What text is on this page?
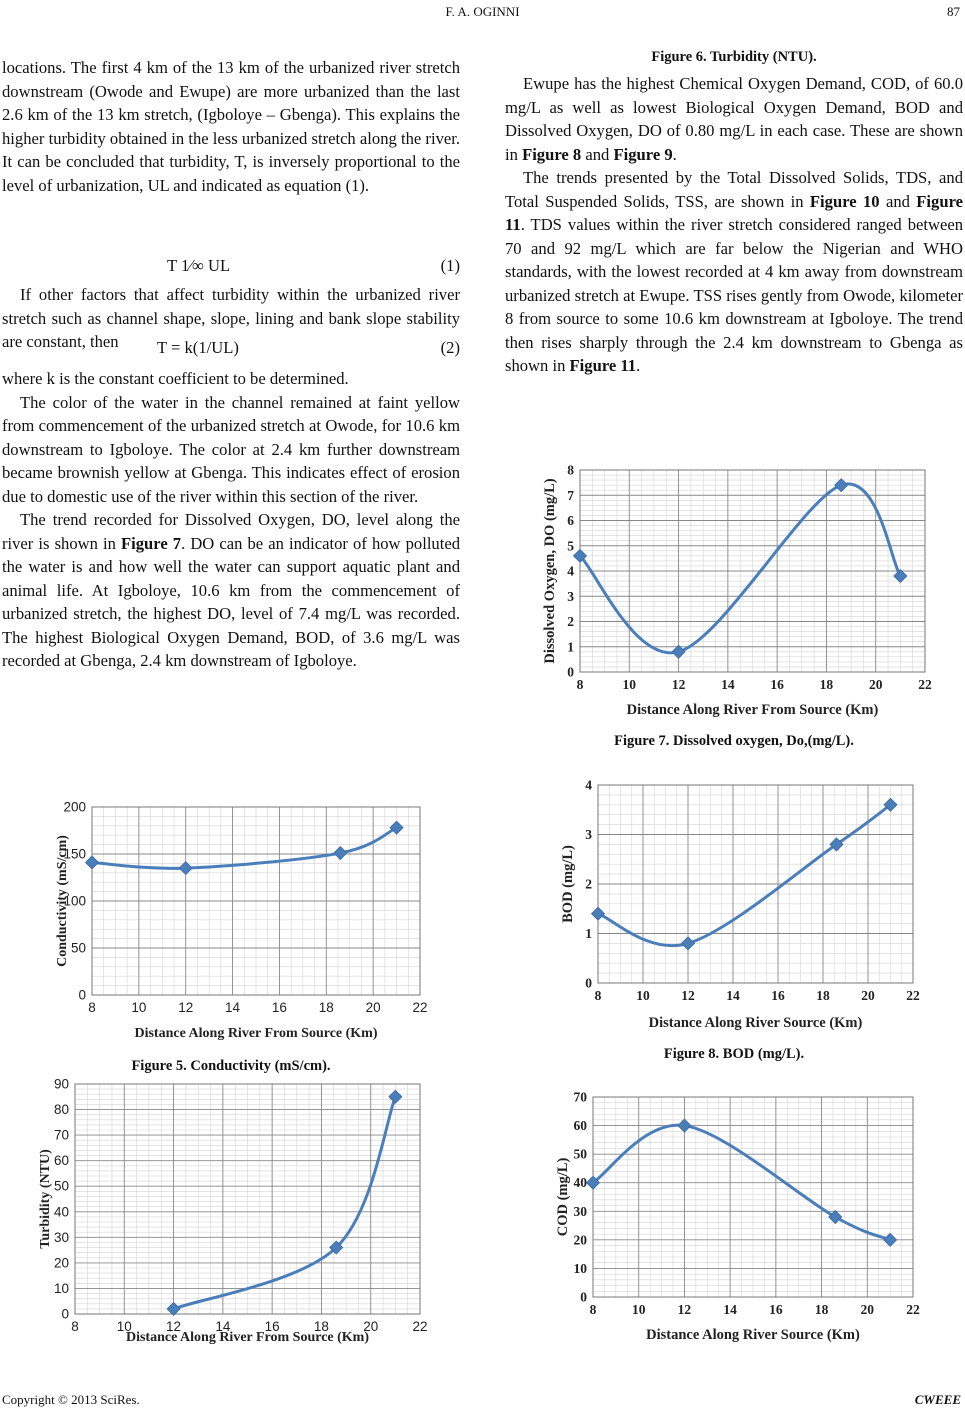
F. A. OGINNI	87

locations. The first 4 km of the 13 km of the urbanized river stretch downstream (Owode and Ewupe) are more urbanized than the last 2.6 km of the 13 km stretch, (Igboloye – Gbenga). This explains the higher turbidity obtained in the less urbanized stretch along the river. It can be concluded that turbidity, T, is inversely proportional to the level of urbanization, UL and indicated as equation (1).

T 1⁄∞ UL	(1)

If other factors that affect turbidity within the urbanized river stretch such as channel shape, slope, lining and bank slope stability are constant, then	T = k(1/UL)	(2)

where k is the constant coefficient to be determined.

The color of the water in the channel remained at faint yellow from commencement of the urbanized stretch at Owode, for 10.6 km downstream to Igboloye. The color at 2.4 km further downstream became brownish yellow at Gbenga. This indicates effect of erosion due to domestic use of the river within this section of the river.

The trend recorded for Dissolved Oxygen, DO, level along the river is shown in Figure 7. DO can be an indicator of how polluted the water is and how well the water can support aquatic plant and animal life. At Igboloye, 10.6 km from the commencement of urbanized stretch, the highest DO, level of 7.4 mg/L was recorded. The highest Biological Oxygen Demand, BOD, of 3.6 mg/L was recorded at Gbenga, 2.4 km downstream of Igboloye.

Figure 6. Turbidity (NTU).

Ewupe has the highest Chemical Oxygen Demand, COD, of 60.0 mg/L as well as lowest Biological Oxygen Demand, BOD and Dissolved Oxygen, DO of 0.80 mg/L in each case. These are shown in Figure 8 and Figure 9.

The trends presented by the Total Dissolved Solids, TDS, and Total Suspended Solids, TSS, are shown in Figure 10 and Figure 11. TDS values within the river stretch considered ranged between 70 and 92 mg/L which are far below the Nigerian and WHO standards, with the lowest recorded at 4 km away from downstream urbanized stretch at Ewupe. TSS rises gently from Owode, kilometer 8 from source to some 10.6 km downstream at Igboloye. The trend then rises sharply through the 2.4 km downstream to Gbenga as shown in Figure 11.

8	10	12	14	16	18	20	22
0
1
2
3
4
5
6
7
8
Distance Along River From Source (Km)
Dissolved Oxygen, DO (mg/L)
Figure 7. Dissolved oxygen, Do,(mg/L).
8	10 12 14 16 18 20 22
0
1
2
3
4
Distance Along River Source (Km)
BOD (mg/L)
Figure 8. BOD (mg/L).
8	10 12 14 16 18 20 22
0
10
20
30
40
50
60
70
Distance Along River Source (Km)
COD (mg/L)
8	10 12 14 16 18 20 22
0
50
100
150
200
Distance Along River From Source (Km)
Conductivity (mS/cm)
Figure 5. Conductivity (mS/cm).
8	10	12	14	16	18	20	22
0
10
20
30
40
50
60
70
80
90
Distance Along River From Source (Km)
Turbidity (NTU)
Copyright © 2013 SciRes.	CWEEE
